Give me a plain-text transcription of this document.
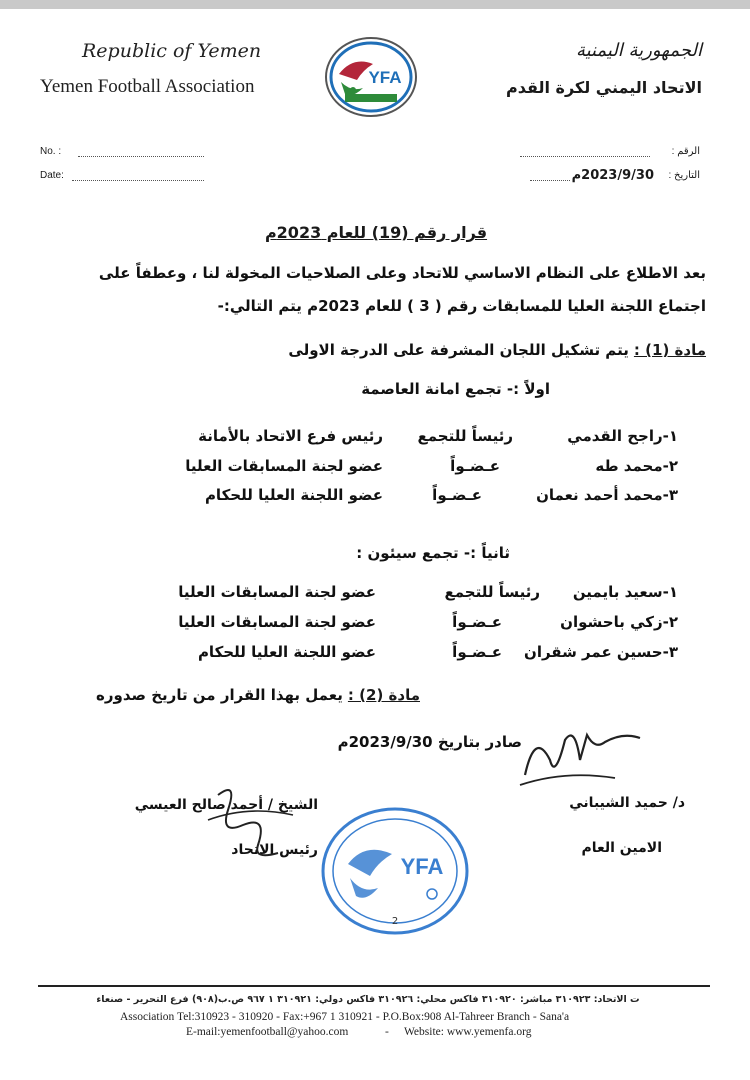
Republic of Yemen
Yemen Football Association	YFA
الجمهورية اليمنية
الاتحاد اليمني لكرة القدم
No. :
Date:
الرقم :
التاريخ :
2023/9/30م
قرار رقم (19) للعام 2023م
بعد الاطلاع على النظام الاساسي للاتحاد وعلى الصلاحيات المخولة لنا ، وعطفاً على
اجتماع اللجنة العليا للمسابقات رقم ( 3 ) للعام 2023م يتم التالي:-
مادة (1) : يتم تشكيل اللجان المشرفة على الدرجة الاولى
اولاً :- تجمع امانة العاصمة
١-راجح القدمي
رئيساً للتجمع
رئيس فرع الاتحاد بالأمانة
٢-محمد طه
عـضـواً
عضو لجنة المسابقات العليا
٣-محمد أحمد نعمان
عـضـواً
عضو اللجنة العليا للحكام
ثانياً :- تجمع سيئون :
١-سعيد بايمين
رئيساً للتجمع
عضو لجنة المسابقات العليا
٢-زكي باحشوان
عـضـواً
عضو لجنة المسابقات العليا
٣-حسين عمر شقران
عـضـواً
عضو اللجنة العليا للحكام
مادة (2) : يعمل بهذا القرار من تاريخ صدوره
صادر بتاريخ 2023/9/30م
د/ حميد الشيباني
الامين العام
الشيخ / أحمد صالح العيسي
رئيس الاتحاد
YFA
2
ت الاتحاد: ٣١٠٩٢٣ مباشر: ٣١٠٩٢٠ فاكس محلي: ٣١٠٩٢٦ فاكس دولي: ٣١٠٩٢١ ١ ٩٦٧ ص.ب(٩٠٨) فرع التحرير - صنعاء
Association Tel:310923 - 310920 - Fax:+967 1 310921 - P.O.Box:908 Al-Tahreer Branch - Sana'a
E-mail:yemenfootball@yahoo.com	- Website: www.yemenfa.org
